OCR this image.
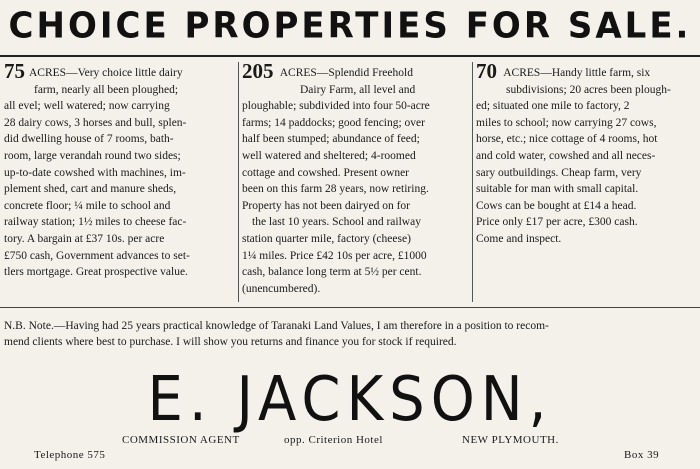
CHOICE PROPERTIES FOR SALE.
75 ACRES—Very choice little dairy
farm, nearly all been ploughed;
all evel; well watered; now carrying
28 dairy cows, 3 horses and bull, splen-
did dwelling house of 7 rooms, bath-
room, large verandah round two sides;
up-to-date cowshed with machines, im-
plement shed, cart and manure sheds,
concrete floor; ¼ mile to school and
railway station; 1½ miles to cheese fac-
tory. A bargain at £37 10s. per acre
£750 cash, Government advances to set-
tlers mortgage. Great prospective value.
205 ACRES—Splendid Freehold
Dairy Farm, all level and
ploughable; subdivided into four 50-acre
farms; 14 paddocks; good fencing; over
half been stumped; abundance of feed;
well watered and sheltered; 4-roomed
cottage and cowshed. Present owner
been on this farm 28 years, now retiring.
Property has not been dairyed on for
the last 10 years. School and railway
station quarter mile, factory (cheese)
1¼ miles. Price £42 10s per acre, £1000
cash, balance long term at 5½ per cent.
(unencumbered).
70 ACRES—Handy little farm, six
subdivisions; 20 acres been plough-
ed; situated one mile to factory, 2
miles to school; now carrying 27 cows,
horse, etc.; nice cottage of 4 rooms, hot
and cold water, cowshed and all neces-
sary outbuildings. Cheap farm, very
suitable for man with small capital.
Cows can be bought at £14 a head.
Price only £17 per acre, £300 cash.
Come and inspect.
N.B. Note.—Having had 25 years practical knowledge of Taranaki Land Values, I am therefore in a position to recom-
mend clients where best to purchase. I will show you returns and finance you for stock if required.
E. JACKSON,
COMMISSION AGENT	opp. Criterion Hotel	NEW PLYMOUTH.
Telephone 575	Box 39
